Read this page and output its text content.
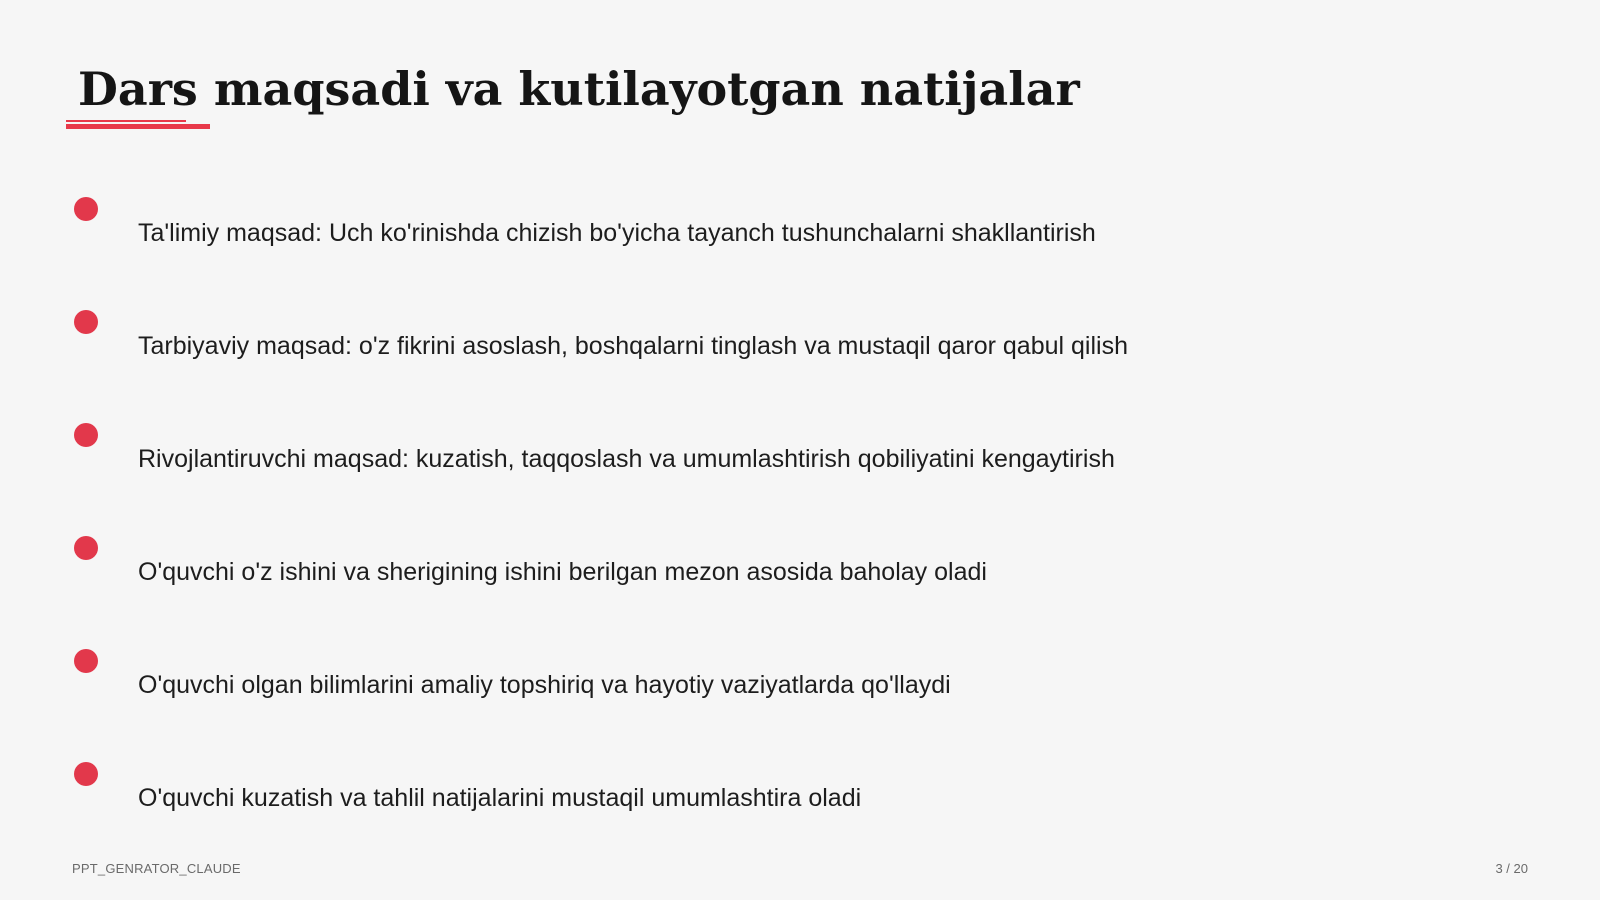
Dars maqsadi va kutilayotgan natijalar
Ta'limiy maqsad: Uch ko'rinishda chizish bo'yicha tayanch tushunchalarni shakllantirish
Tarbiyaviy maqsad: o'z fikrini asoslash, boshqalarni tinglash va mustaqil qaror qabul qilish
Rivojlantiruvchi maqsad: kuzatish, taqqoslash va umumlashtirish qobiliyatini kengaytirish
O'quvchi o'z ishini va sherigining ishini berilgan mezon asosida baholay oladi
O'quvchi olgan bilimlarini amaliy topshiriq va hayotiy vaziyatlarda qo'llaydi
O'quvchi kuzatish va tahlil natijalarini mustaqil umumlashtira oladi
PPT_GENRATOR_CLAUDE	3 / 20
